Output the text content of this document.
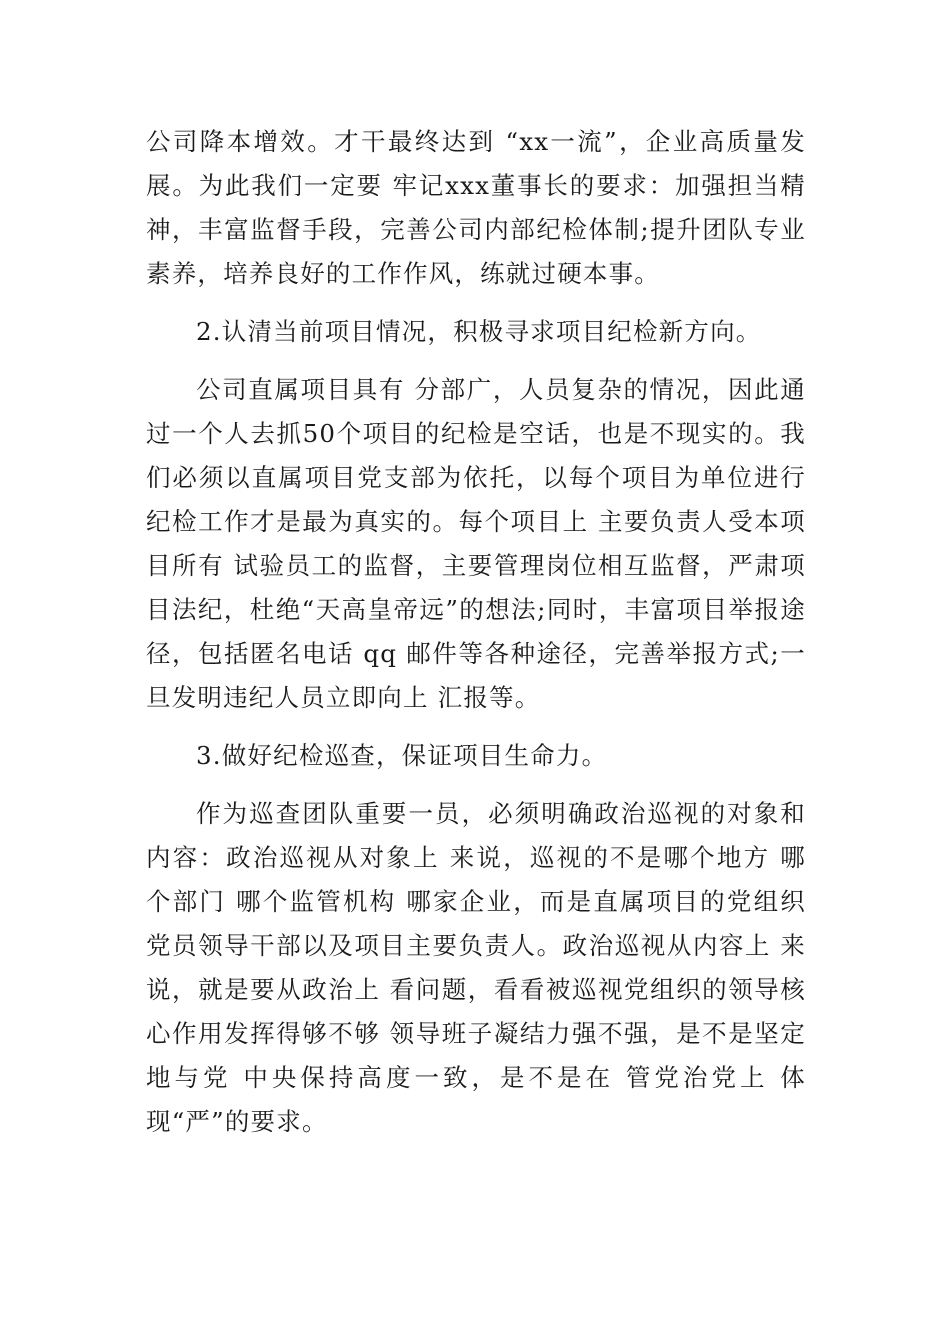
公司降本增效。才干最终达到 “xx一流”，企业高质量发展。为此我们一定要 牢记xxx董事长的要求：加强担当精神，丰富监督手段，完善公司内部纪检体制;提升团队专业素养，培养良好的工作作风，练就过硬本事。

2.认清当前项目情况，积极寻求项目纪检新方向。

公司直属项目具有 分部广，人员复杂的情况，因此通过一个人去抓50个项目的纪检是空话，也是不现实的。我们必须以直属项目党支部为依托，以每个项目为单位进行纪检工作才是最为真实的。每个项目上 主要负责人受本项目所有 试验员工的监督，主要管理岗位相互监督，严肃项目法纪，杜绝“天高皇帝远”的想法;同时，丰富项目举报途径，包括匿名电话 qq 邮件等各种途径，完善举报方式;一旦发明违纪人员立即向上 汇报等。

3.做好纪检巡查，保证项目生命力。

作为巡查团队重要一员，必须明确政治巡视的对象和内容：政治巡视从对象上 来说，巡视的不是哪个地方 哪个部门 哪个监管机构 哪家企业，而是直属项目的党组织党员领导干部以及项目主要负责人。政治巡视从内容上 来说，就是要从政治上 看问题，看看被巡视党组织的领导核心作用发挥得够不够 领导班子凝结力强不强，是不是坚定地与党 中央保持高度一致，是不是在 管党治党上 体现“严”的要求。
